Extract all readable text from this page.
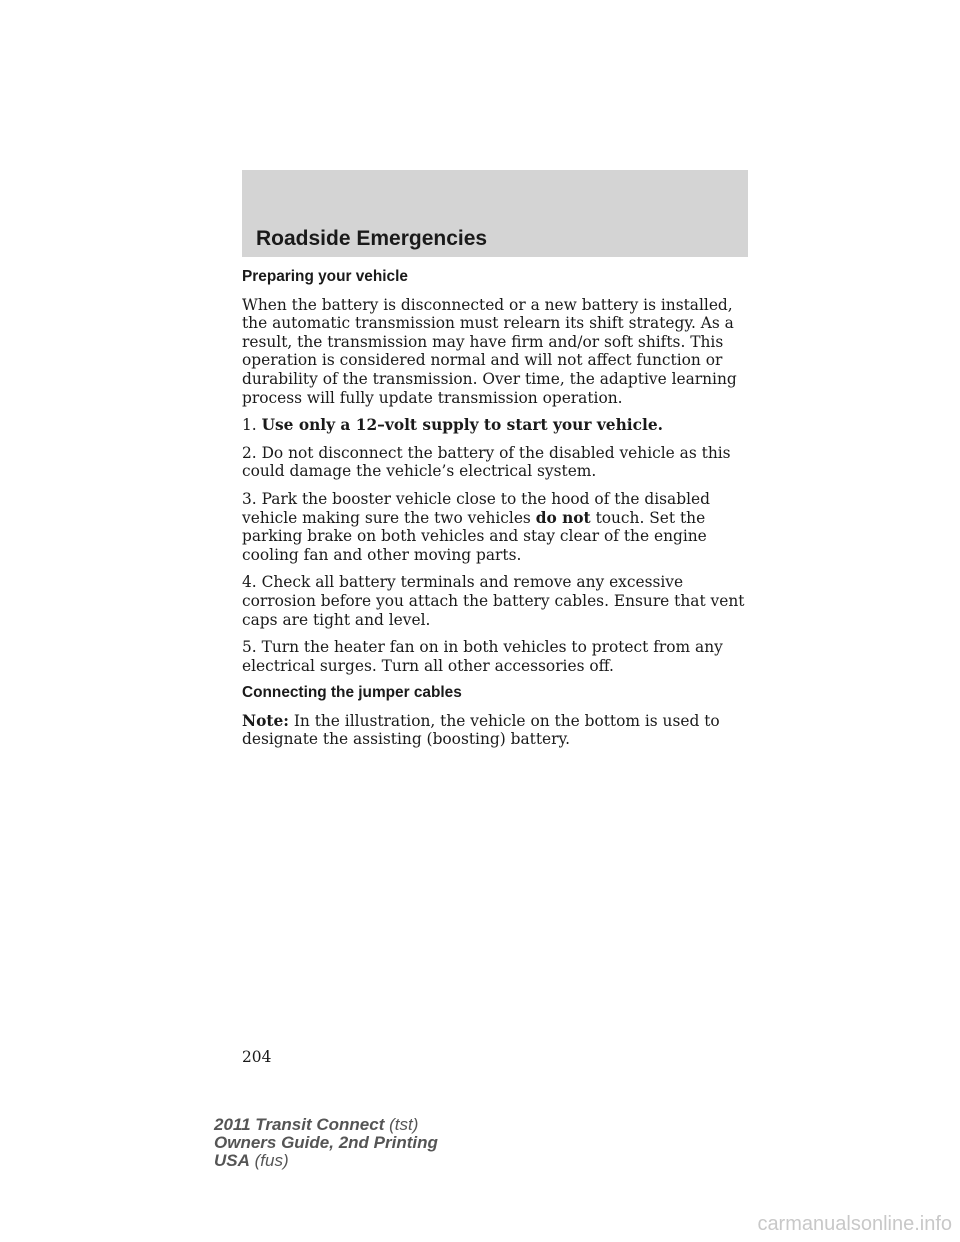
Roadside Emergencies
Preparing your vehicle

When the battery is disconnected or a new battery is installed, the automatic transmission must relearn its shift strategy. As a result, the transmission may have firm and/or soft shifts. This operation is considered normal and will not affect function or durability of the transmission. Over time, the adaptive learning process will fully update transmission operation.

1. Use only a 12–volt supply to start your vehicle.

2. Do not disconnect the battery of the disabled vehicle as this could damage the vehicle’s electrical system.

3. Park the booster vehicle close to the hood of the disabled vehicle making sure the two vehicles do not touch. Set the parking brake on both vehicles and stay clear of the engine cooling fan and other moving parts.

4. Check all battery terminals and remove any excessive corrosion before you attach the battery cables. Ensure that vent caps are tight and level.

5. Turn the heater fan on in both vehicles to protect from any electrical surges. Turn all other accessories off.

Connecting the jumper cables

Note: In the illustration, the vehicle on the bottom is used to designate the assisting (boosting) battery.

204
2011 Transit Connect (tst)
Owners Guide, 2nd Printing
USA (fus)
carmanualsonline.info
